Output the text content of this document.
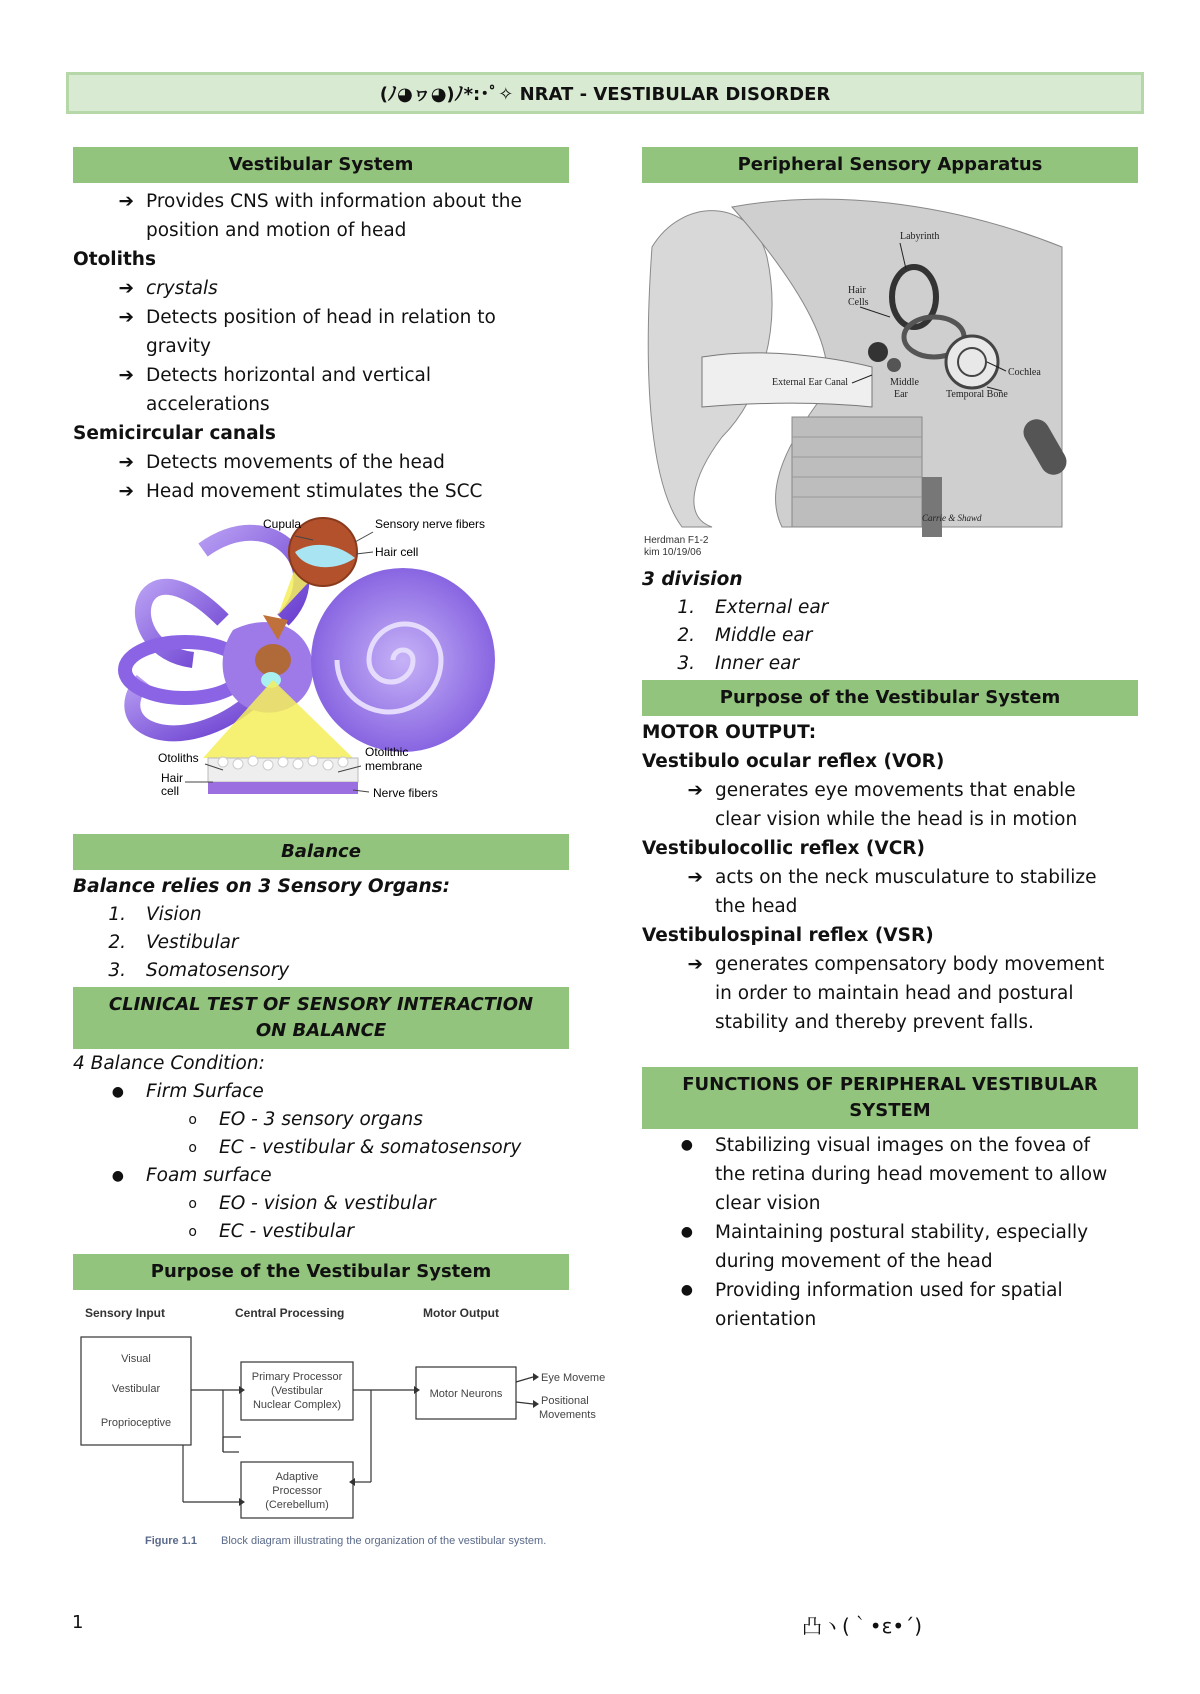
(ﾉ◕ヮ◕)ﾉ*:･ﾟ✧ NRAT - VESTIBULAR DISORDER
Vestibular System
➔ Provides CNS with information about the
position and motion of head
Otoliths
➔ crystals
➔ Detects position of head in relation to
gravity
➔ Detects horizontal and vertical
accelerations
Semicircular canals
➔ Detects movements of the head
➔ Head movement stimulates the SCC
Cupula	Sensory nerve fibers
Hair cell
Otoliths
Hair
cell
Otolithic
membrane
Nerve fibers
Balance
Balance relies on 3 Sensory Organs:
1.	Vision
2.	Vestibular
3.	Somatosensory
CLINICAL TEST OF SENSORY INTERACTION
ON BALANCE
4 Balance Condition:
●	Firm Surface
o	EO - 3 sensory organs
o	EC - vestibular & somatosensory
●	Foam surface
o	EO - vision & vestibular
o	EC - vestibular
Purpose of the Vestibular System
Sensory Input	Central Processing	Motor Output
Visual
Vestibular
Proprioceptive
Primary Processor
(Vestibular
Nuclear Complex)
Motor Neurons
Adaptive
Processor
(Cerebellum)
Eye Moveme
Positional
Movements
Figure 1.1 Block diagram illustrating the organization of the vestibular system.
Peripheral Sensory Apparatus
Labyrinth
Hair
Cells
Cochlea
External Ear Canal	Middle
Ear	Temporal Bone
Carrie & Shawd
Herdman F1-2
kim 10/19/06
3 division
1.	External ear
2.	Middle ear
3.	Inner ear
Purpose of the Vestibular System
MOTOR OUTPUT:
Vestibulo ocular reflex (VOR)
➔ generates eye movements that enable
clear vision while the head is in motion
Vestibulocollic reflex (VCR)
➔ acts on the neck musculature to stabilize
the head
Vestibulospinal reflex (VSR)
➔ generates compensatory body movement
in order to maintain head and postural
stability and thereby prevent falls.
FUNCTIONS OF PERIPHERAL VESTIBULAR
SYSTEM
●	Stabilizing visual images on the fovea of
the retina during head movement to allow
clear vision
●	Maintaining postural stability, especially
during movement of the head
●	Providing information used for spatial
orientation
1	凸ヽ(｀•ε•´)
